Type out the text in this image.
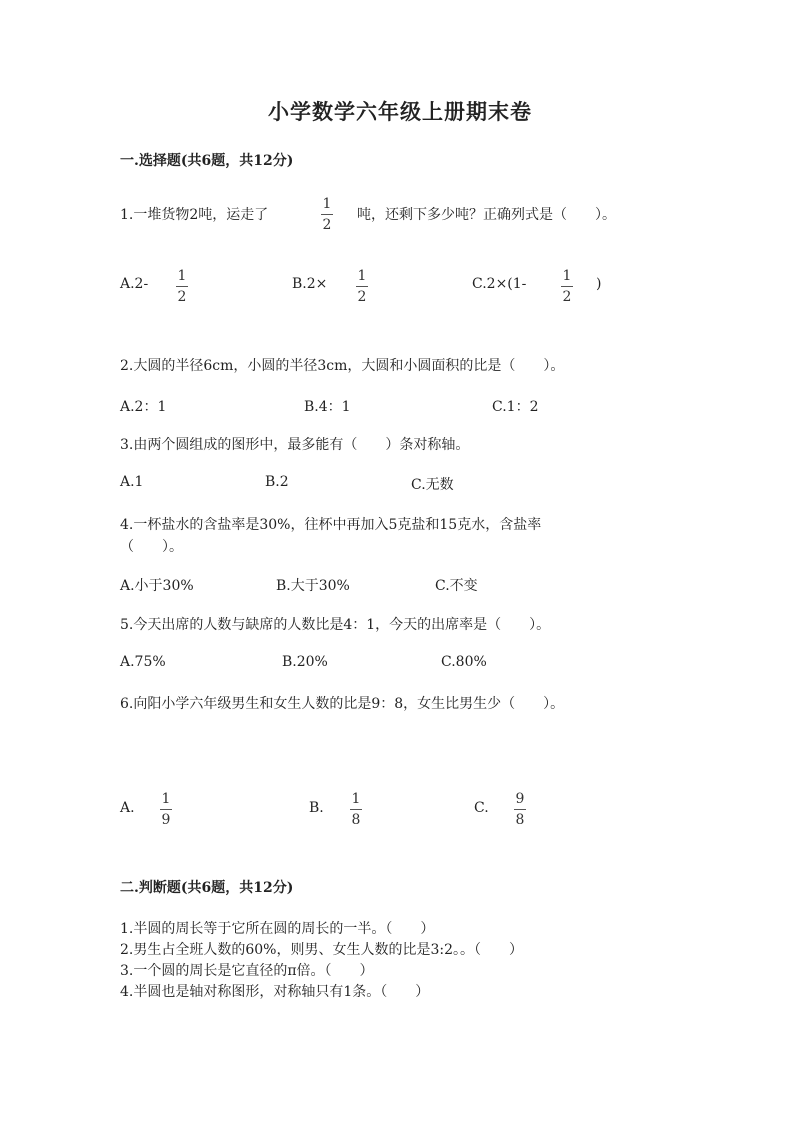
小学数学六年级上册期末卷
一.选择题(共6题，共12分)
1.一堆货物2吨，运走了
1
2
吨，还剩下多少吨？正确列式是（　　）。
A.2- 1
2
B.2× 1
2
C.2×(1-	1
2
)
2.大圆的半径6cm，小圆的半径3cm，大圆和小圆面积的比是（　　）。
A.2：1	B.4：1	C.1：2
3.由两个圆组成的图形中，最多能有（　　）条对称轴。
A.1	B.2	C.无数
4.一杯盐水的含盐率是30%，往杯中再加入5克盐和15克水，含盐率
（　　）。
A.小于30%	B.大于30%	C.不变
5.今天出席的人数与缺席的人数比是4：1，今天的出席率是（　　）。
A.75%	B.20%	C.80%
6.向阳小学六年级男生和女生人数的比是9：8，女生比男生少（　　）。
A.
1
9
B.
1
8
C.
9
8
二.判断题(共6题，共12分)
1.半圆的周长等于它所在圆的周长的一半。（　　）
2.男生占全班人数的60%，则男、女生人数的比是3:2。。（　　）
3.一个圆的周长是它直径的π倍。（　　）
4.半圆也是轴对称图形，对称轴只有1条。（　　）
